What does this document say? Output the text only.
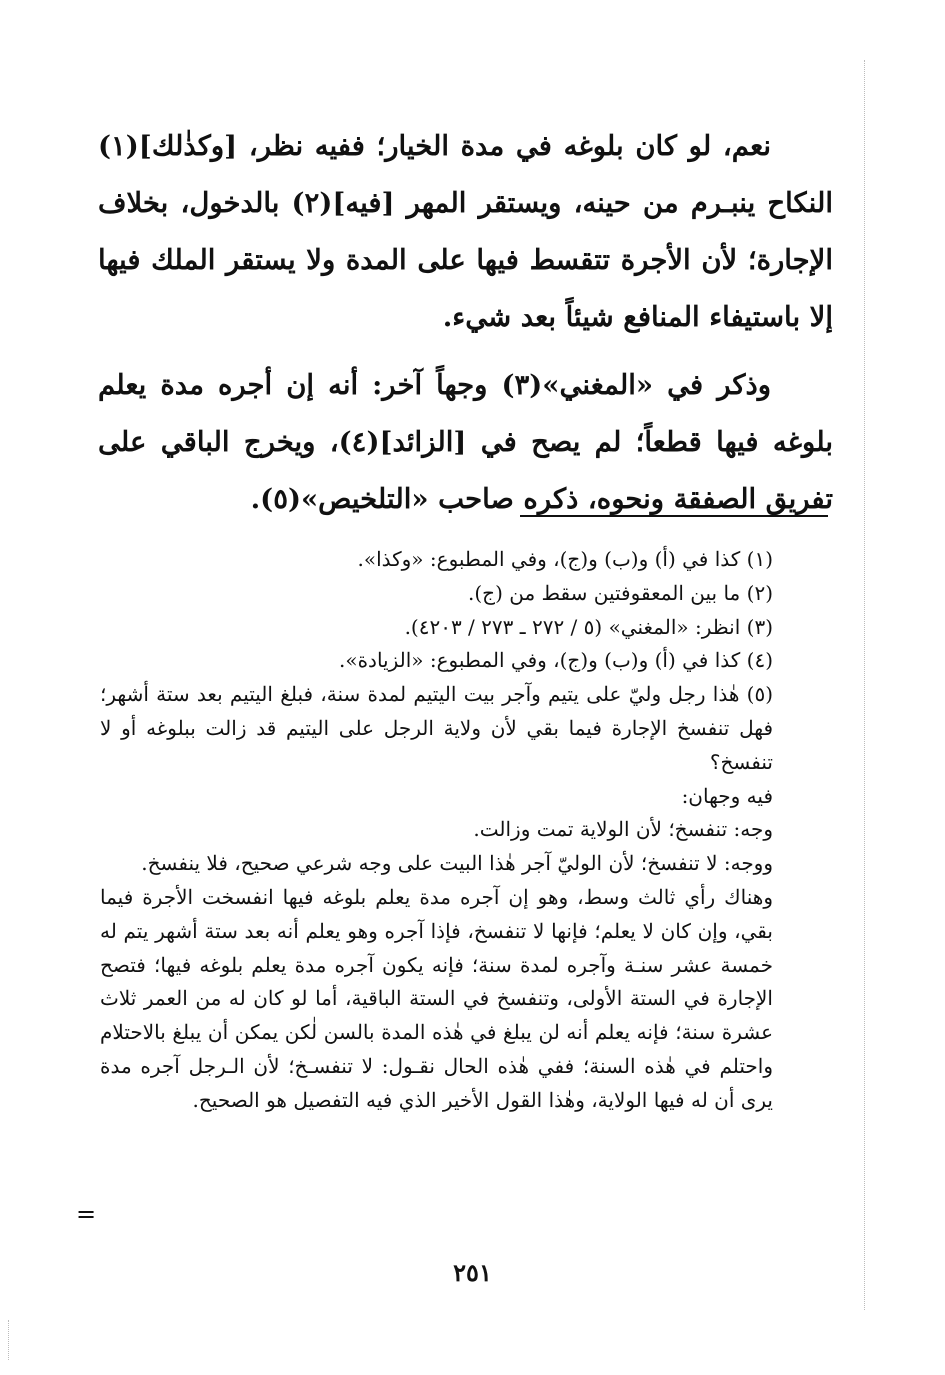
نعم، لو كان بلوغه في مدة الخيار؛ ففيه نظر، [وكذٰلك](١) النكاح ينبـرم من حينه، ويستقر المهر [فيه](٢) بالدخول، بخلاف الإجارة؛ لأن الأجرة تتقسط فيها على المدة ولا يستقر الملك فيها إلا باستيفاء المنافع شيئاً بعد شيء.

وذكر في «المغني»(٣) وجهاً آخر: أنه إن أجره مدة يعلم بلوغه فيها قطعاً؛ لم يصح في [الزائد](٤)، ويخرج الباقي على تفريق الصفقة ونحوه، ذكره صاحب «التلخيص»(٥).

(١) كذا في (أ) و(ب) و(ج)، وفي المطبوع: «وكذا».

(٢) ما بين المعقوفتين سقط من (ج).

(٣) انظر: «المغني» (٥ / ٢٧٢ ـ ٢٧٣ / ٤٢٠٣).

(٤) كذا في (أ) و(ب) و(ج)، وفي المطبوع: «الزيادة».

(٥) هٰذا رجل وليّ على يتيم وآجر بيت اليتيم لمدة سنة، فبلغ اليتيم بعد ستة أشهر؛ فهل تنفسخ الإجارة فيما بقي لأن ولاية الرجل على اليتيم قد زالت ببلوغه أو لا تنفسخ؟

فيه وجهان:

وجه: تنفسخ؛ لأن الولاية تمت وزالت.

ووجه: لا تنفسخ؛ لأن الوليّ آجر هٰذا البيت على وجه شرعي صحيح، فلا ينفسخ.

وهناك رأي ثالث وسط، وهو إن آجره مدة يعلم بلوغه فيها انفسخت الأجرة فيما بقي، وإن كان لا يعلم؛ فإنها لا تنفسخ، فإذا آجره وهو يعلم أنه بعد ستة أشهر يتم له خمسة عشر سنـة وآجره لمدة سنة؛ فإنه يكون آجره مدة يعلم بلوغه فيها؛ فتصح الإجارة في الستة الأولى، وتنفسخ في الستة الباقية، أما لو كان له من العمر ثلاث عشرة سنة؛ فإنه يعلم أنه لن يبلغ في هٰذه المدة بالسن لٰكن يمكن أن يبلغ بالاحتلام واحتلم في هٰذه السنة؛ ففي هٰذه الحال نقـول: لا تنفسـخ؛ لأن الـرجل آجره مدة يرى أن له فيها الولاية، وهٰذا القول الأخير الذي فيه التفصيل هو الصحيح.

=
٢٥١
